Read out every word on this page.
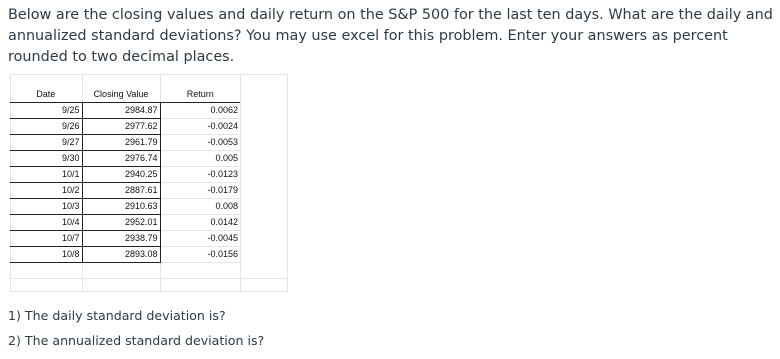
Below are the closing values and daily return on the S&P 500 for the last ten days. What are the daily and annualized standard deviations? You may use excel for this problem. Enter your answers as percent rounded to two decimal places.
Date	Closing Value	Return
9/25	2984.87	0.0062
9/26	2977.62	-0.0024
9/27	2961.79	-0.0053
9/30	2976.74	0.005
10/1	2940.25	-0.0123
10/2	2887.61	-0.0179
10/3	2910.63	0.008
10/4	2952.01	0.0142
10/7	2938.79	-0.0045
10/8	2893.08	-0.0156
1) The daily standard deviation is?
2) The annualized standard deviation is?
